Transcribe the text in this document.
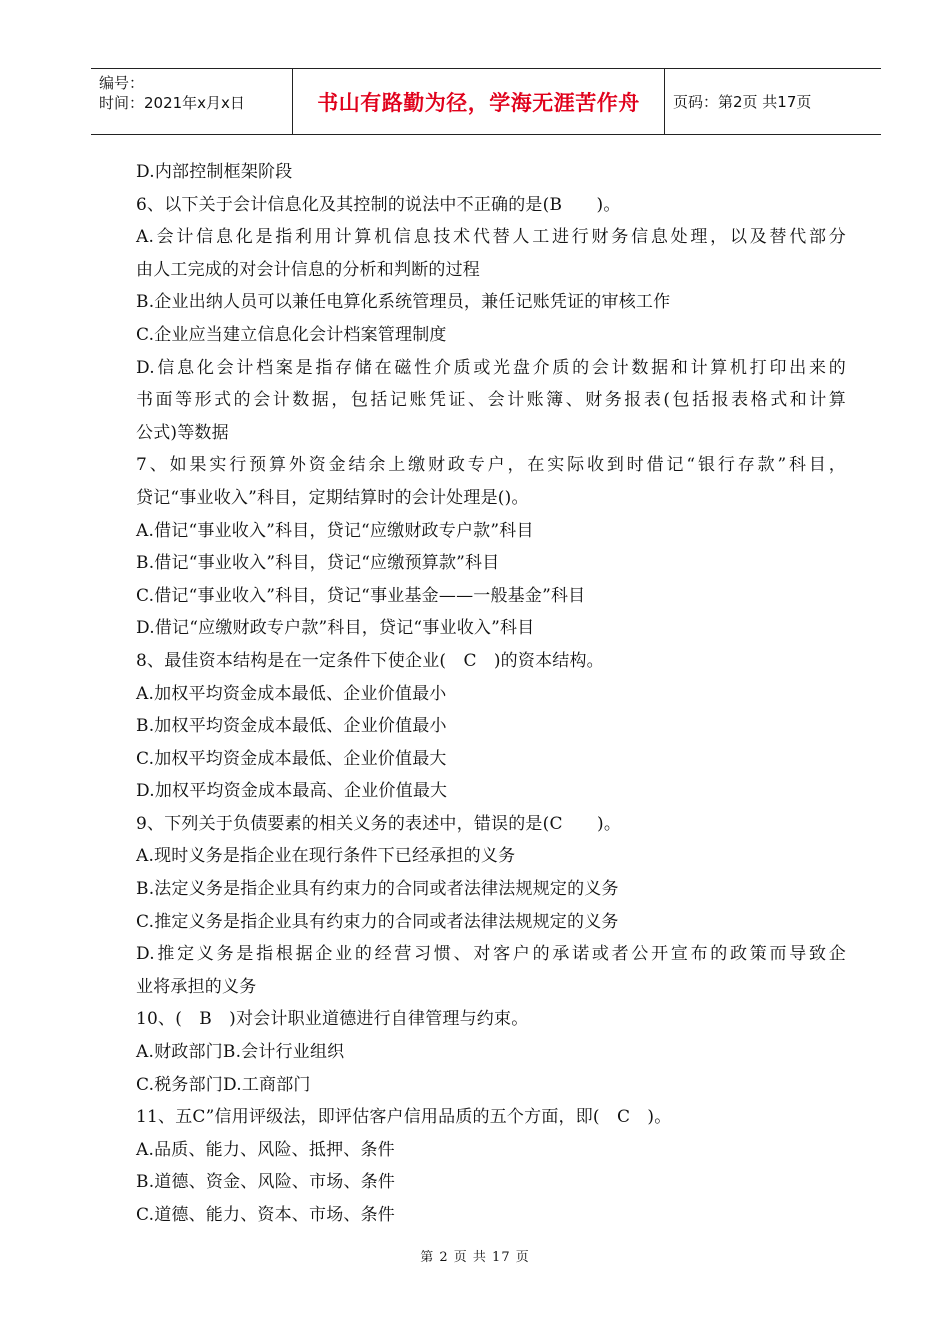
编号：
时间：2021年x月x日	书山有路勤为径，学海无涯苦作舟	页码：第2页 共17页
D.内部控制框架阶段
6、以下关于会计信息化及其控制的说法中不正确的是(B　　)。
A.会计信息化是指利用计算机信息技术代替人工进行财务信息处理，以及替代部分
由人工完成的对会计信息的分析和判断的过程
B.企业出纳人员可以兼任电算化系统管理员，兼任记账凭证的审核工作
C.企业应当建立信息化会计档案管理制度
D.信息化会计档案是指存储在磁性介质或光盘介质的会计数据和计算机打印出来的
书面等形式的会计数据，包括记账凭证、会计账簿、财务报表(包括报表格式和计算
公式)等数据
7、如果实行预算外资金结余上缴财政专户，在实际收到时借记“银行存款”科目，
贷记“事业收入”科目，定期结算时的会计处理是()。
A.借记“事业收入”科目，贷记“应缴财政专户款”科目
B.借记“事业收入”科目，贷记“应缴预算款”科目
C.借记“事业收入”科目，贷记“事业基金——一般基金”科目
D.借记“应缴财政专户款”科目，贷记“事业收入”科目
8、最佳资本结构是在一定条件下使企业(　C　)的资本结构。
A.加权平均资金成本最低、企业价值最小
B.加权平均资金成本最低、企业价值最小
C.加权平均资金成本最低、企业价值最大
D.加权平均资金成本最高、企业价值最大
9、下列关于负债要素的相关义务的表述中，错误的是(C　　)。
A.现时义务是指企业在现行条件下已经承担的义务
B.法定义务是指企业具有约束力的合同或者法律法规规定的义务
C.推定义务是指企业具有约束力的合同或者法律法规规定的义务
D.推定义务是指根据企业的经营习惯、对客户的承诺或者公开宣布的政策而导致企
业将承担的义务
10、(　B　)对会计职业道德进行自律管理与约束。
A.财政部门B.会计行业组织
C.税务部门D.工商部门
11、五C”信用评级法，即评估客户信用品质的五个方面，即(　C　)。
A.品质、能力、风险、抵押、条件
B.道德、资金、风险、市场、条件
C.道德、能力、资本、市场、条件
第 2 页 共 17 页
